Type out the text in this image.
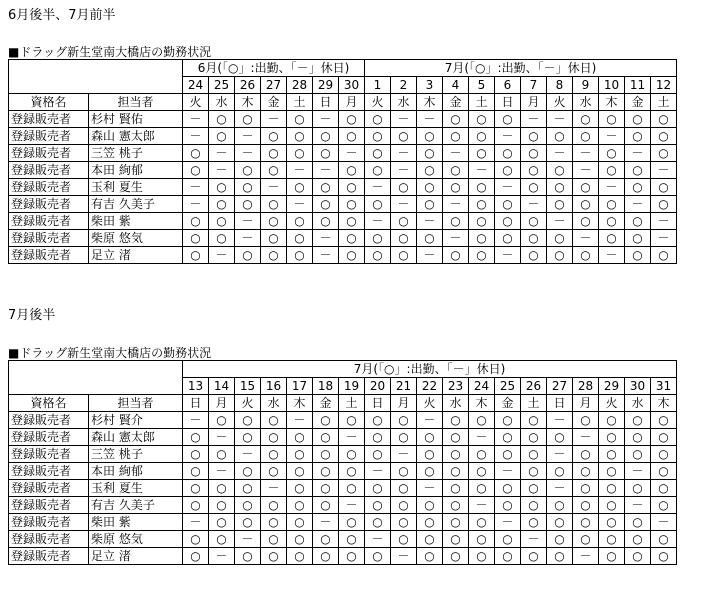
6月後半、7月前半
■ドラッグ新生堂南大橋店の勤務状況
		6月(「○」:出勤、「－」休日)							7月(「○」:出勤、「－」休日)											
		24	25	26	27	28	29	30	1	2	3	4	5	6	7	8	9	10	11	12
資格名	担当者	火	水	木	金	土	日	月	火	水	木	金	土	日	月	火	水	木	金	土
登録販売者	杉村 賢佑	－	○	○	－	○	－	○	○	－	－	○	○	○	－	－	○	○	○	○
登録販売者	森山 憲太郎	－	○	－	○	○	○	○	○	○	○	○	○	－	○	○	○	－	○	○
登録販売者	三笠 桃子	○	－	－	○	○	○	－	○	－	○	－	○	○	○	－	－	○	－	○
登録販売者	本田 絢郁	○	－	○	○	－	－	○	○	－	○	○	－	○	○	○	－	○	○	－
登録販売者	玉利 夏生	－	○	○	－	○	○	○	－	○	○	○	○	－	○	○	○	－	○	○
登録販売者	有吉 久美子	－	○	○	○	－	○	○	○	－	○	－	○	○	－	○	○	○	－	○
登録販売者	柴田 紫	○	○	－	○	○	○	○	－	○	－	○	○	○	○	－	○	○	○	－
登録販売者	柴原 悠気	○	○	－	○	○	－	○	○	○	○	－	○	○	○	○	－	○	○	－
登録販売者	足立 渚	○	－	○	○	○	－	○	○	○	－	○	○	－	○	○	○	－	○	○
7月後半
■ドラッグ新生堂南大橋店の勤務状況
		7月(「○」:出勤、「－」休日)																		
		13	14	15	16	17	18	19	20	21	22	23	24	25	26	27	28	29	30	31
資格名	担当者	日	月	火	水	木	金	土	日	月	火	水	木	金	土	日	月	火	水	木
登録販売者	杉村 賢介	－	○	○	○	－	○	○	○	○	－	○	○	○	○	－	○	○	○	○
登録販売者	森山 憲太郎	○	－	○	○	○	○	－	○	○	○	○	－	○	○	○	－	○	○	○
登録販売者	三笠 桃子	○	○	－	○	○	○	○	○	－	○	○	○	○	○	－	○	○	○	○
登録販売者	本田 絢郁	○	－	○	○	○	○	○	－	○	○	○	○	－	○	○	○	○	－	○
登録販売者	玉利 夏生	○	○	○	－	○	○	○	○	○	－	○	○	○	○	－	○	○	○	○
登録販売者	有吉 久美子	○	○	○	○	○	○	－	○	○	○	○	－	○	○	○	○	○	－	○
登録販売者	柴田 紫	－	○	○	○	○	－	○	○	○	○	○	○	－	○	○	○	○	○	－
登録販売者	柴原 悠気	○	○	－	○	○	○	○	－	○	○	○	○	○	－	○	○	○	○	○
登録販売者	足立 渚	○	－	○	○	○	○	○	○	－	○	○	○	○	○	○	－	○	○	○
